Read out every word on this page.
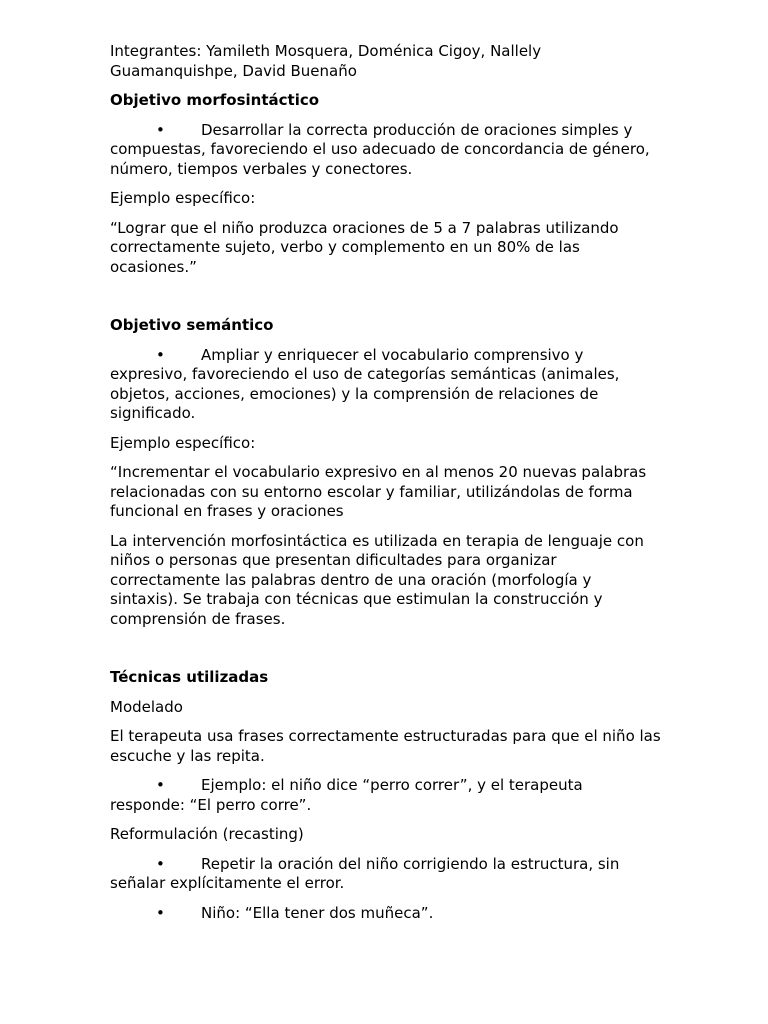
Integrantes: Yamileth Mosquera, Doménica Cigoy, Nallely Guamanquishpe, David Buenaño

Objetivo morfosintáctico

• Desarrollar la correcta producción de oraciones simples y compuestas, favoreciendo el uso adecuado de concordancia de género, número, tiempos verbales y conectores.

Ejemplo específico:

“Lograr que el niño produzca oraciones de 5 a 7 palabras utilizando correctamente sujeto, verbo y complemento en un 80% de las ocasiones.”

Objetivo semántico

• Ampliar y enriquecer el vocabulario comprensivo y expresivo, favoreciendo el uso de categorías semánticas (animales, objetos, acciones, emociones) y la comprensión de relaciones de significado.

Ejemplo específico:

“Incrementar el vocabulario expresivo en al menos 20 nuevas palabras relacionadas con su entorno escolar y familiar, utilizándolas de forma funcional en frases y oraciones

La intervención morfosintáctica es utilizada en terapia de lenguaje con niños o personas que presentan dificultades para organizar correctamente las palabras dentro de una oración (morfología y sintaxis). Se trabaja con técnicas que estimulan la construcción y comprensión de frases.

Técnicas utilizadas

Modelado

El terapeuta usa frases correctamente estructuradas para que el niño las escuche y las repita.

• Ejemplo: el niño dice “perro correr”, y el terapeuta responde: “El perro corre”.

Reformulación (recasting)

• Repetir la oración del niño corrigiendo la estructura, sin señalar explícitamente el error.

• Niño: “Ella tener dos muñeca”.
